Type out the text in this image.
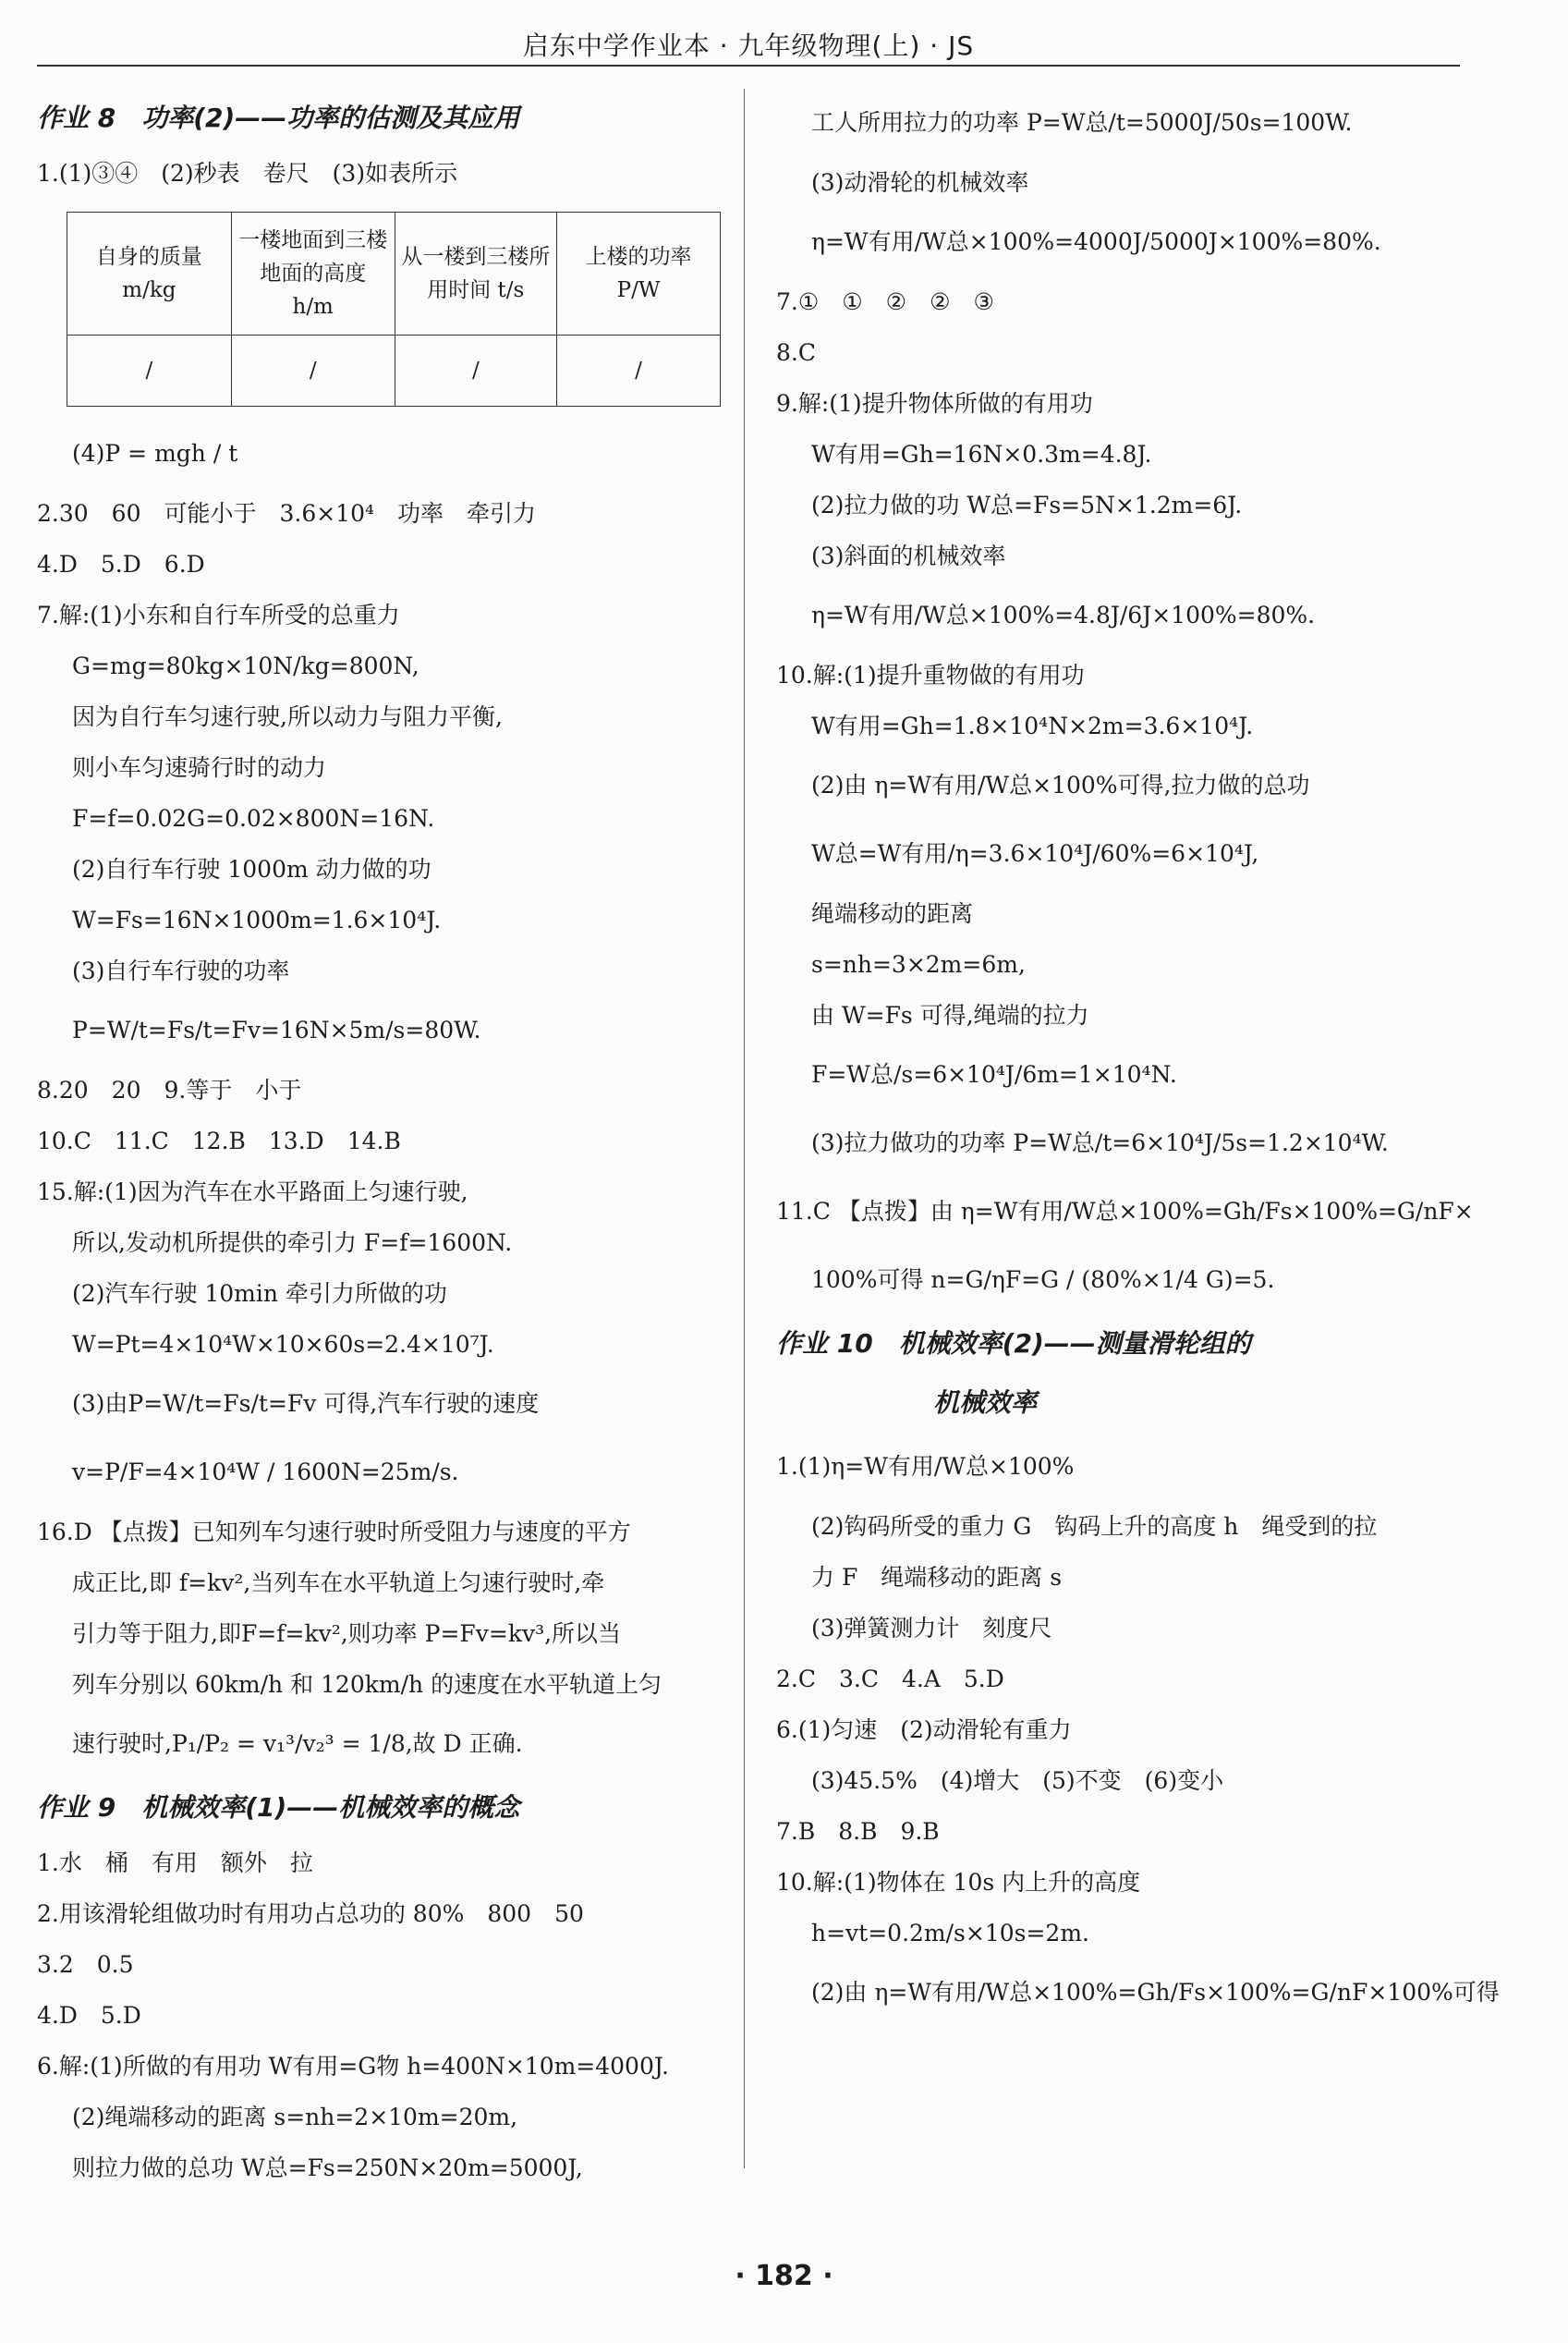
启东中学作业本 · 九年级物理(上) · JS
作业 8　功率(2)——功率的估测及其应用
1.(1)③④　(2)秒表　卷尺　(3)如表所示
自身的质量 m/kg	一楼地面到三楼地面的高度 h/m	从一楼到三楼所用时间 t/s	上楼的功率 P/W
/	/	/	/
(4)P = mgh / t
2.30　60　可能小于　3.6×10⁴　功率　牵引力
4.D　5.D　6.D
7.解:(1)小东和自行车所受的总重力
G=mg=80kg×10N/kg=800N,
因为自行车匀速行驶,所以动力与阻力平衡,
则小车匀速骑行时的动力
F=f=0.02G=0.02×800N=16N.
(2)自行车行驶 1000m 动力做的功
W=Fs=16N×1000m=1.6×10⁴J.
(3)自行车行驶的功率
P=W/t=Fs/t=Fv=16N×5m/s=80W.
8.20　20　9.等于　小于
10.C　11.C　12.B　13.D　14.B
15.解:(1)因为汽车在水平路面上匀速行驶,
所以,发动机所提供的牵引力 F=f=1600N.
(2)汽车行驶 10min 牵引力所做的功
W=Pt=4×10⁴W×10×60s=2.4×10⁷J.
(3)由P=W/t=Fs/t=Fv 可得,汽车行驶的速度
v=P/F=4×10⁴W / 1600N=25m/s.
16.D 【点拨】已知列车匀速行驶时所受阻力与速度的平方
成正比,即 f=kv²,当列车在水平轨道上匀速行驶时,牵
引力等于阻力,即F=f=kv²,则功率 P=Fv=kv³,所以当
列车分别以 60km/h 和 120km/h 的速度在水平轨道上匀
速行驶时,P₁/P₂ = v₁³/v₂³ = 1/8,故 D 正确.
作业 9　机械效率(1)——机械效率的概念
1.水　桶　有用　额外　拉
2.用该滑轮组做功时有用功占总功的 80%　800　50
3.2　0.5
4.D　5.D
6.解:(1)所做的有用功 W有用=G物 h=400N×10m=4000J.
(2)绳端移动的距离 s=nh=2×10m=20m,
则拉力做的总功 W总=Fs=250N×20m=5000J,
工人所用拉力的功率 P=W总/t=5000J/50s=100W.
(3)动滑轮的机械效率
η=W有用/W总×100%=4000J/5000J×100%=80%.
7.①　①　②　②　③
8.C
9.解:(1)提升物体所做的有用功
W有用=Gh=16N×0.3m=4.8J.
(2)拉力做的功 W总=Fs=5N×1.2m=6J.
(3)斜面的机械效率
η=W有用/W总×100%=4.8J/6J×100%=80%.
10.解:(1)提升重物做的有用功
W有用=Gh=1.8×10⁴N×2m=3.6×10⁴J.
(2)由 η=W有用/W总×100%可得,拉力做的总功
W总=W有用/η=3.6×10⁴J/60%=6×10⁴J,
绳端移动的距离
s=nh=3×2m=6m,
由 W=Fs 可得,绳端的拉力
F=W总/s=6×10⁴J/6m=1×10⁴N.
(3)拉力做功的功率 P=W总/t=6×10⁴J/5s=1.2×10⁴W.
11.C 【点拨】由 η=W有用/W总×100%=Gh/Fs×100%=G/nF×
100%可得 n=G/ηF=G / (80%×1/4 G)=5.
作业 10　机械效率(2)——测量滑轮组的
机械效率
1.(1)η=W有用/W总×100%
(2)钩码所受的重力 G　钩码上升的高度 h　绳受到的拉
力 F　绳端移动的距离 s
(3)弹簧测力计　刻度尺
2.C　3.C　4.A　5.D
6.(1)匀速　(2)动滑轮有重力
(3)45.5%　(4)增大　(5)不变　(6)变小
7.B　8.B　9.B
10.解:(1)物体在 10s 内上升的高度
h=vt=0.2m/s×10s=2m.
(2)由 η=W有用/W总×100%=Gh/Fs×100%=G/nF×100%可得
· 182 ·
